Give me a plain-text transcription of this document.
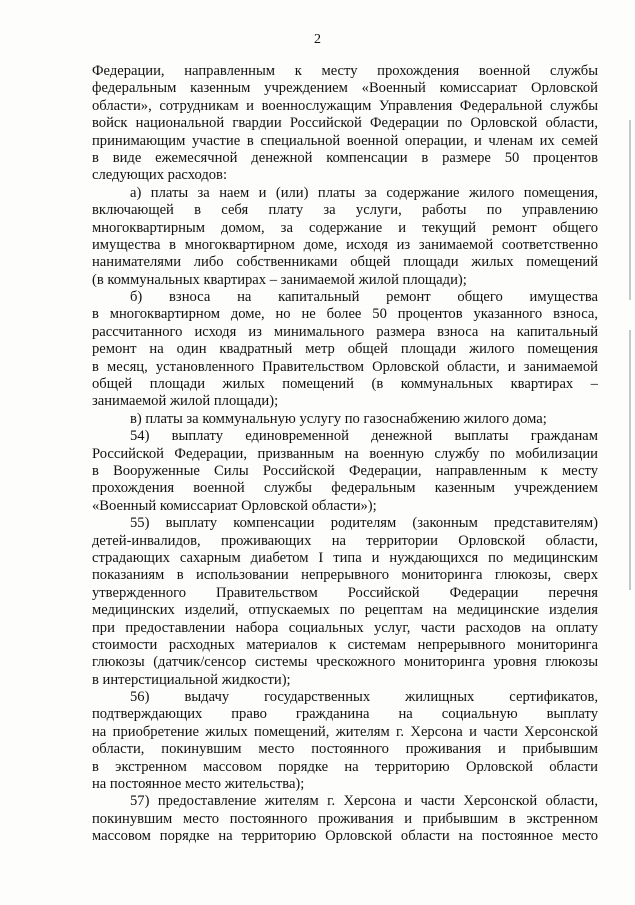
2
Федерации, направленным к месту прохождения военной службы
федеральным казенным учреждением «Военный комиссариат Орловской
области», сотрудникам и военнослужащим Управления Федеральной службы
войск национальной гвардии Российской Федерации по Орловской области,
принимающим участие в специальной военной операции, и членам их семей
в виде ежемесячной денежной компенсации в размере 50 процентов
следующих расходов:
а) платы за наем и (или) платы за содержание жилого помещения,
включающей в себя плату за услуги, работы по управлению
многоквартирным домом, за содержание и текущий ремонт общего
имущества в многоквартирном доме, исходя из занимаемой соответственно
нанимателями либо собственниками общей площади жилых помещений
(в коммунальных квартирах – занимаемой жилой площади);
б) взноса на капитальный ремонт общего имущества
в многоквартирном доме, но не более 50 процентов указанного взноса,
рассчитанного исходя из минимального размера взноса на капитальный
ремонт на один квадратный метр общей площади жилого помещения
в месяц, установленного Правительством Орловской области, и занимаемой
общей площади жилых помещений (в коммунальных квартирах –
занимаемой жилой площади);
в) платы за коммунальную услугу по газоснабжению жилого дома;
54) выплату единовременной денежной выплаты гражданам
Российской Федерации, призванным на военную службу по мобилизации
в Вооруженные Силы Российской Федерации, направленным к месту
прохождения военной службы федеральным казенным учреждением
«Военный комиссариат Орловской области»);
55) выплату компенсации родителям (законным представителям)
детей-инвалидов, проживающих на территории Орловской области,
страдающих сахарным диабетом I типа и нуждающихся по медицинским
показаниям в использовании непрерывного мониторинга глюкозы, сверх
утвержденного Правительством Российской Федерации перечня
медицинских изделий, отпускаемых по рецептам на медицинские изделия
при предоставлении набора социальных услуг, части расходов на оплату
стоимости расходных материалов к системам непрерывного мониторинга
глюкозы (датчик/сенсор системы чрескожного мониторинга уровня глюкозы
в интерстициальной жидкости);
56) выдачу государственных жилищных сертификатов,
подтверждающих право гражданина на социальную выплату
на приобретение жилых помещений, жителям г. Херсона и части Херсонской
области, покинувшим место постоянного проживания и прибывшим
в экстренном массовом порядке на территорию Орловской области
на постоянное место жительства);
57) предоставление жителям г. Херсона и части Херсонской области,
покинувшим место постоянного проживания и прибывшим в экстренном
массовом порядке на территорию Орловской области на постоянное место
